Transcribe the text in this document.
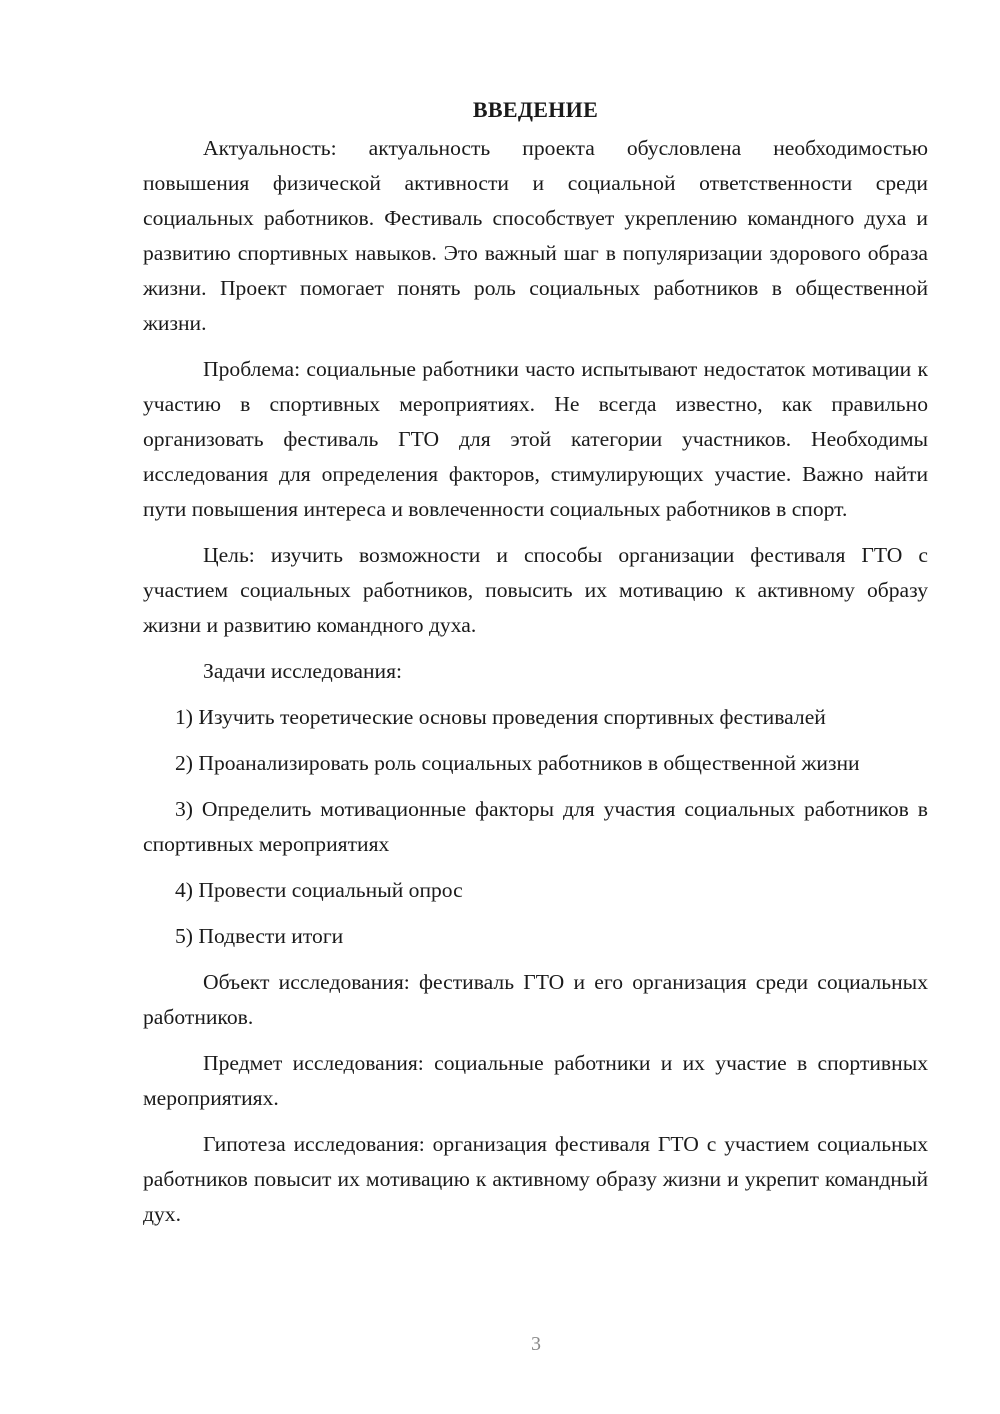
ВВЕДЕНИЕ

Актуальность: актуальность проекта обусловлена необходимостью повышения физической активности и социальной ответственности среди социальных работников. Фестиваль способствует укреплению командного духа и развитию спортивных навыков. Это важный шаг в популяризации здорового образа жизни. Проект помогает понять роль социальных работников в общественной жизни.

Проблема: социальные работники часто испытывают недостаток мотивации к участию в спортивных мероприятиях. Не всегда известно, как правильно организовать фестиваль ГТО для этой категории участников. Необходимы исследования для определения факторов, стимулирующих участие. Важно найти пути повышения интереса и вовлеченности социальных работников в спорт.

Цель: изучить возможности и способы организации фестиваля ГТО с участием социальных работников, повысить их мотивацию к активному образу жизни и развитию командного духа.

Задачи исследования:

1) Изучить теоретические основы проведения спортивных фестивалей

2) Проанализировать роль социальных работников в общественной жизни

3) Определить мотивационные факторы для участия социальных работников в спортивных мероприятиях

4) Провести социальный опрос

5) Подвести итоги

Объект исследования: фестиваль ГТО и его организация среди социальных работников.

Предмет исследования: социальные работники и их участие в спортивных мероприятиях.

Гипотеза исследования: организация фестиваля ГТО с участием социальных работников повысит их мотивацию к активному образу жизни и укрепит командный дух.

3
